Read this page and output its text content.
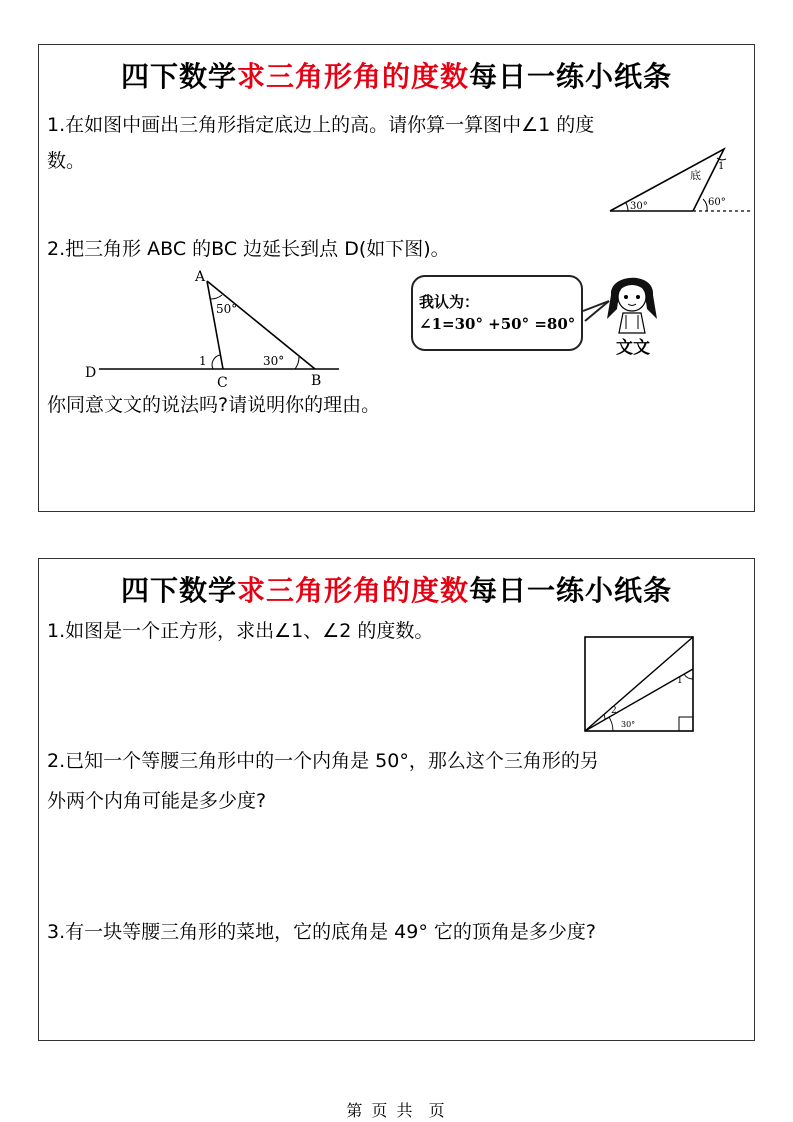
四下数学求三角形角的度数每日一练小纸条
1.在如图中画出三角形指定底边上的高。请你算一算图中∠1 的度
数。
底
1
30°	60°
2.把三角形 ABC 的BC 边延长到点 D(如下图)。
A
B
C
D
50°
30°
1
我认为：
∠1=30° +50° =80°
文文
你同意文文的说法吗?请说明你的理由。
四下数学求三角形角的度数每日一练小纸条
1.如图是一个正方形，求出∠1、∠2 的度数。
1
2
30°
2.已知一个等腰三角形中的一个内角是 50°，那么这个三角形的另
外两个内角可能是多少度?
3.有一块等腰三角形的菜地，它的底角是 49° 它的顶角是多少度?
第 页 共  页
